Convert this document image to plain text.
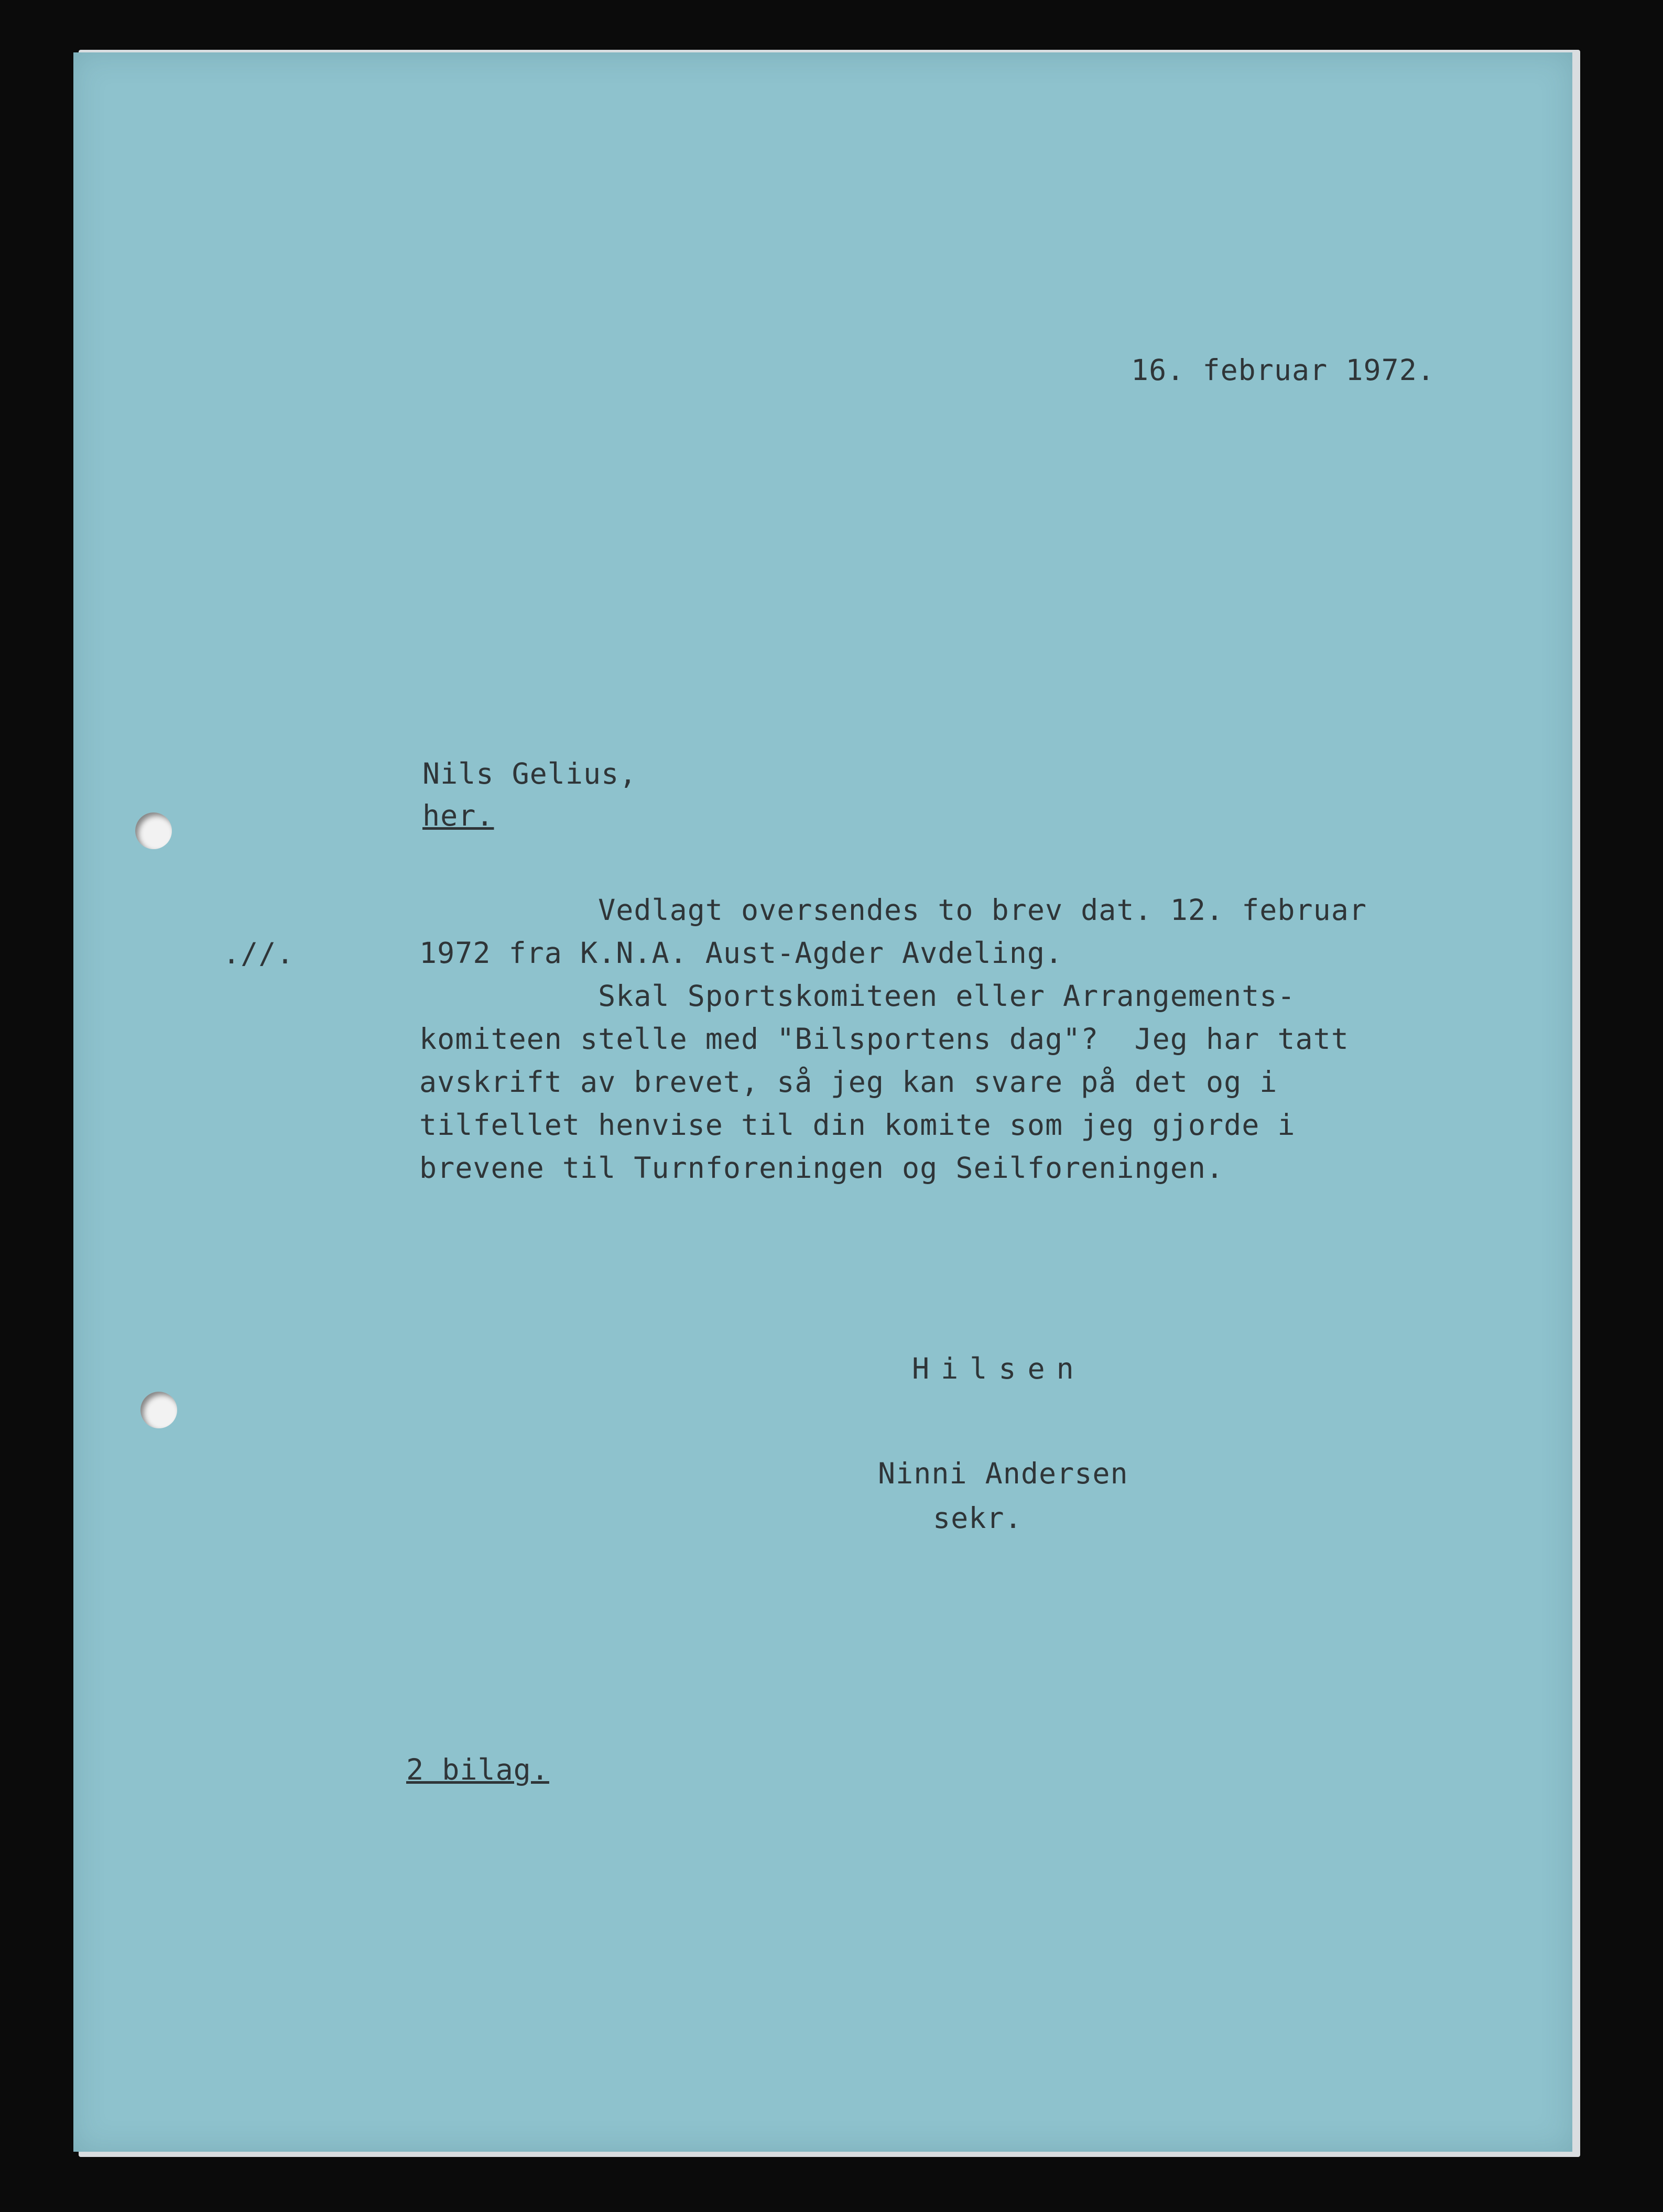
16. februar 1972.
Nils Gelius,
her.
.//.
Vedlagt oversendes to brev dat. 12. februar
1972 fra K.N.A. Aust-Agder Avdeling.
Skal Sportskomiteen eller Arrangements-
komiteen stelle med "Bilsportens dag"?  Jeg har tatt
avskrift av brevet, så jeg kan svare på det og i
tilfellet henvise til din komite som jeg gjorde i
brevene til Turnforeningen og Seilforeningen.
Hilsen
Ninni Andersen
sekr.
2 bilag.
